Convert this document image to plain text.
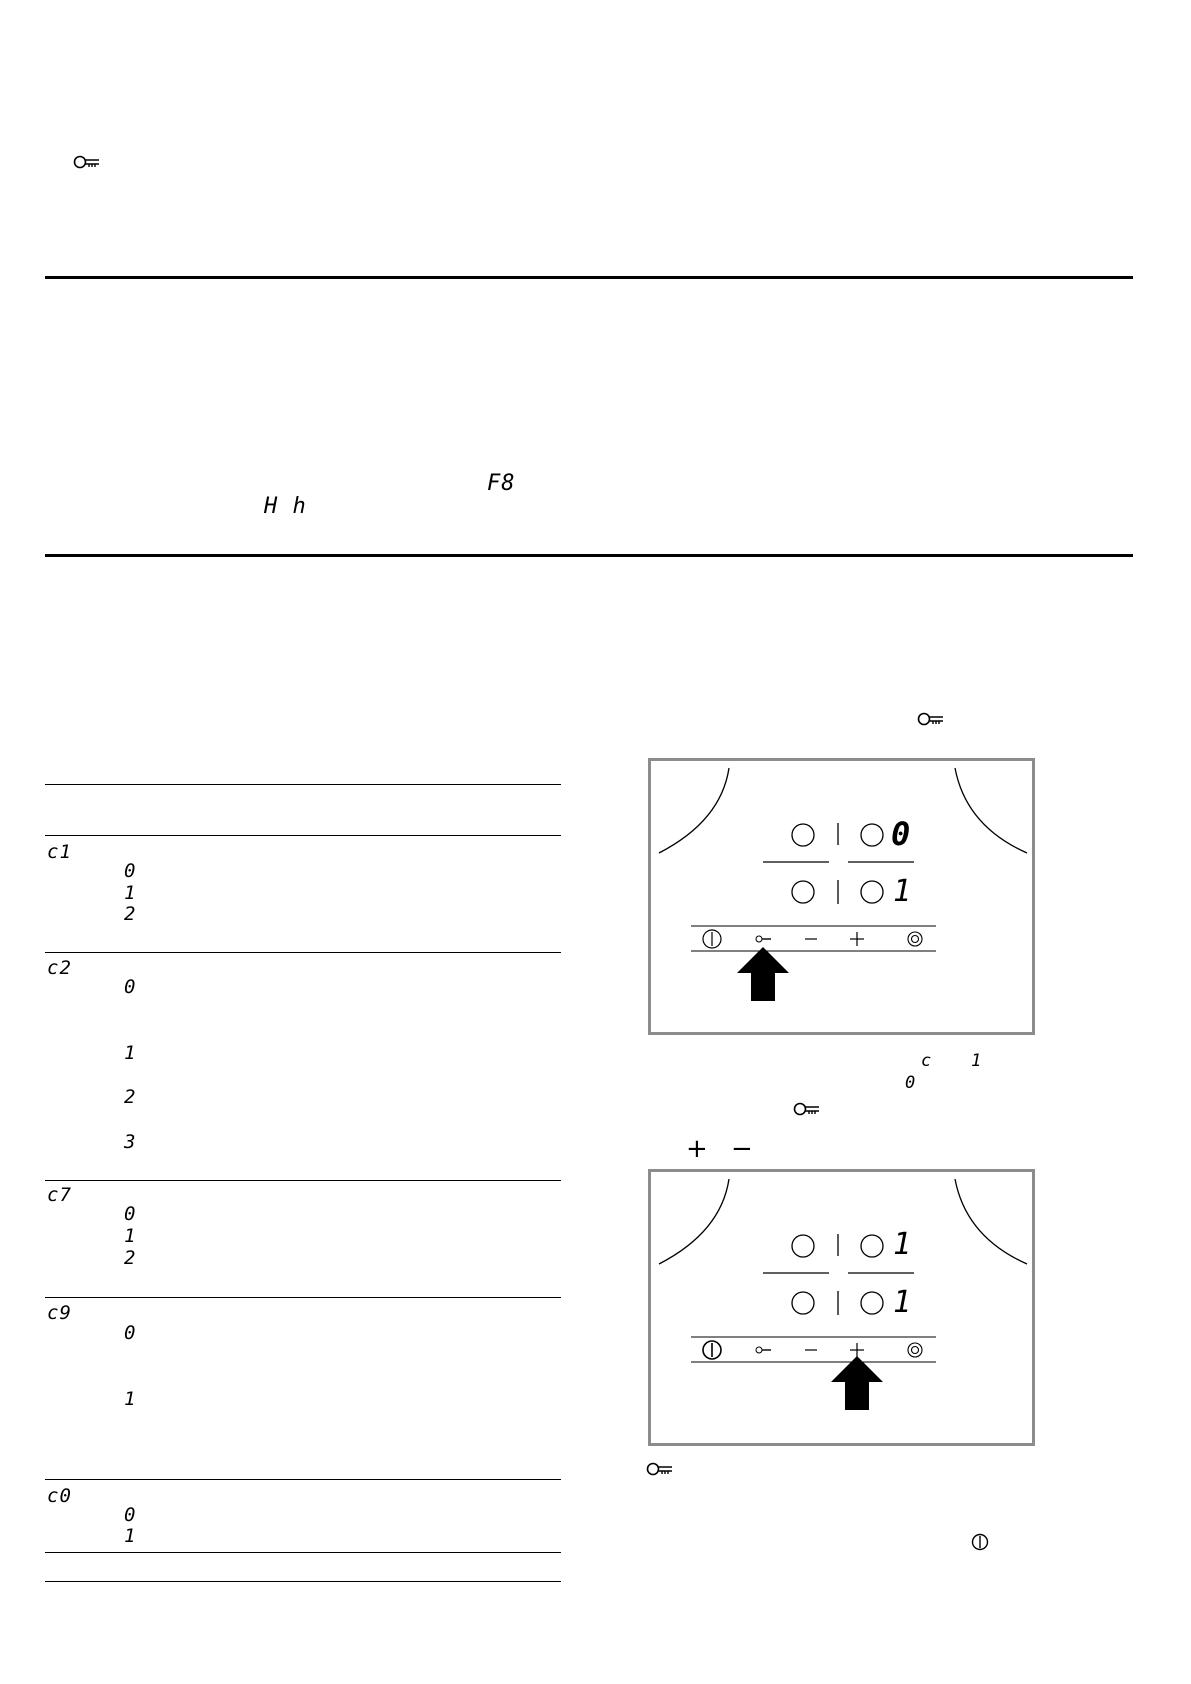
F8
H h
c1
0
1
2
c2
0
1
2
3
c7
0
1
2
c9
0
1
c0
0
1
0
1
c 1
0
+ −
1
1
